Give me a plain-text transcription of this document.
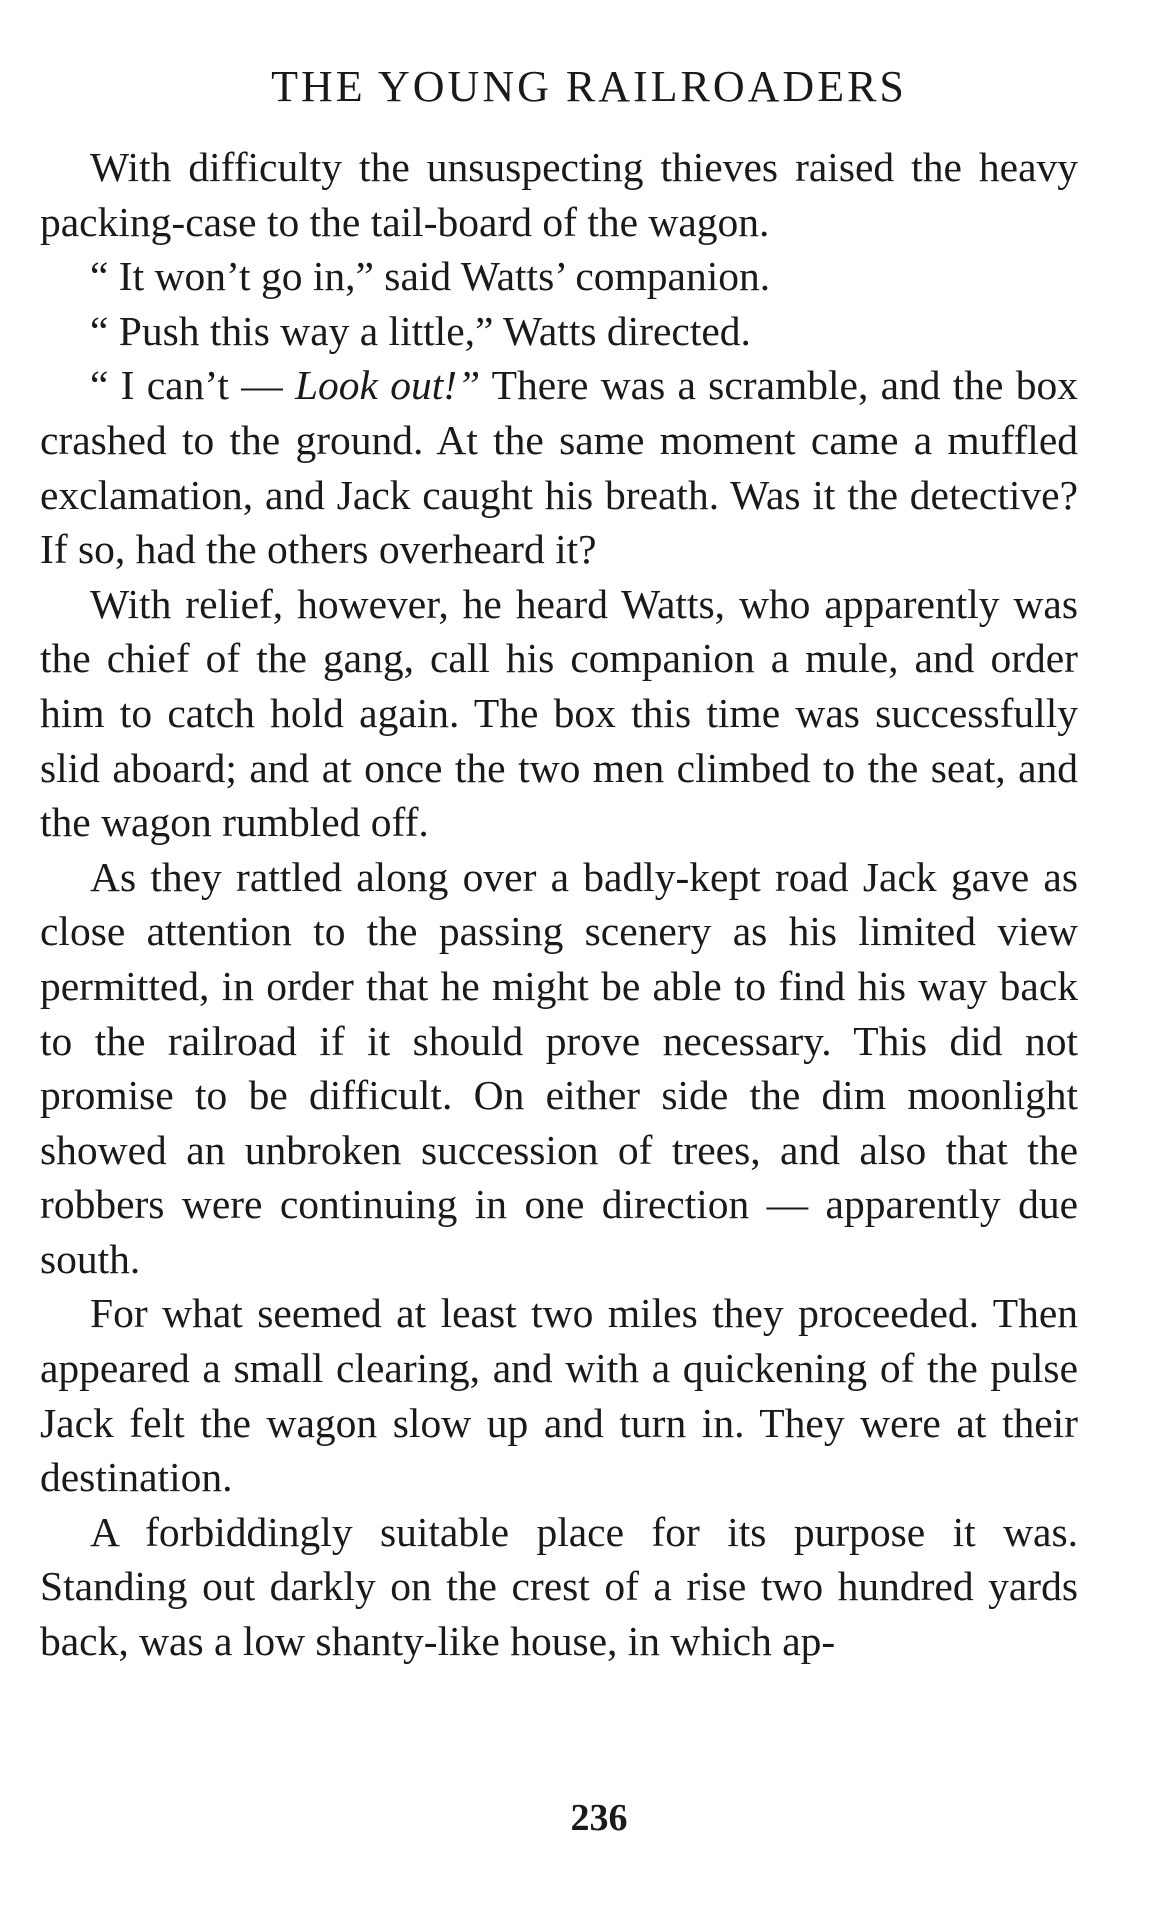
THE YOUNG RAILROADERS

With difficulty the unsuspecting thieves raised the heavy packing-case to the tail-board of the wagon.

“ It won’t go in,” said Watts’ companion.

“ Push this way a little,” Watts directed.

“ I can’t — Look out!” There was a scramble, and the box crashed to the ground. At the same moment came a muffled exclamation, and Jack caught his breath. Was it the detective? If so, had the others overheard it?

With relief, however, he heard Watts, who apparently was the chief of the gang, call his companion a mule, and order him to catch hold again. The box this time was successfully slid aboard; and at once the two men climbed to the seat, and the wagon rumbled off.

As they rattled along over a badly-kept road Jack gave as close attention to the passing scenery as his limited view permitted, in order that he might be able to find his way back to the railroad if it should prove necessary. This did not promise to be difficult. On either side the dim moonlight showed an unbroken succession of trees, and also that the robbers were continuing in one direction — apparently due south.

For what seemed at least two miles they proceeded. Then appeared a small clearing, and with a quickening of the pulse Jack felt the wagon slow up and turn in. They were at their destination.

A forbiddingly suitable place for its purpose it was. Standing out darkly on the crest of a rise two hundred yards back, was a low shanty-like house, in which ap-

236
